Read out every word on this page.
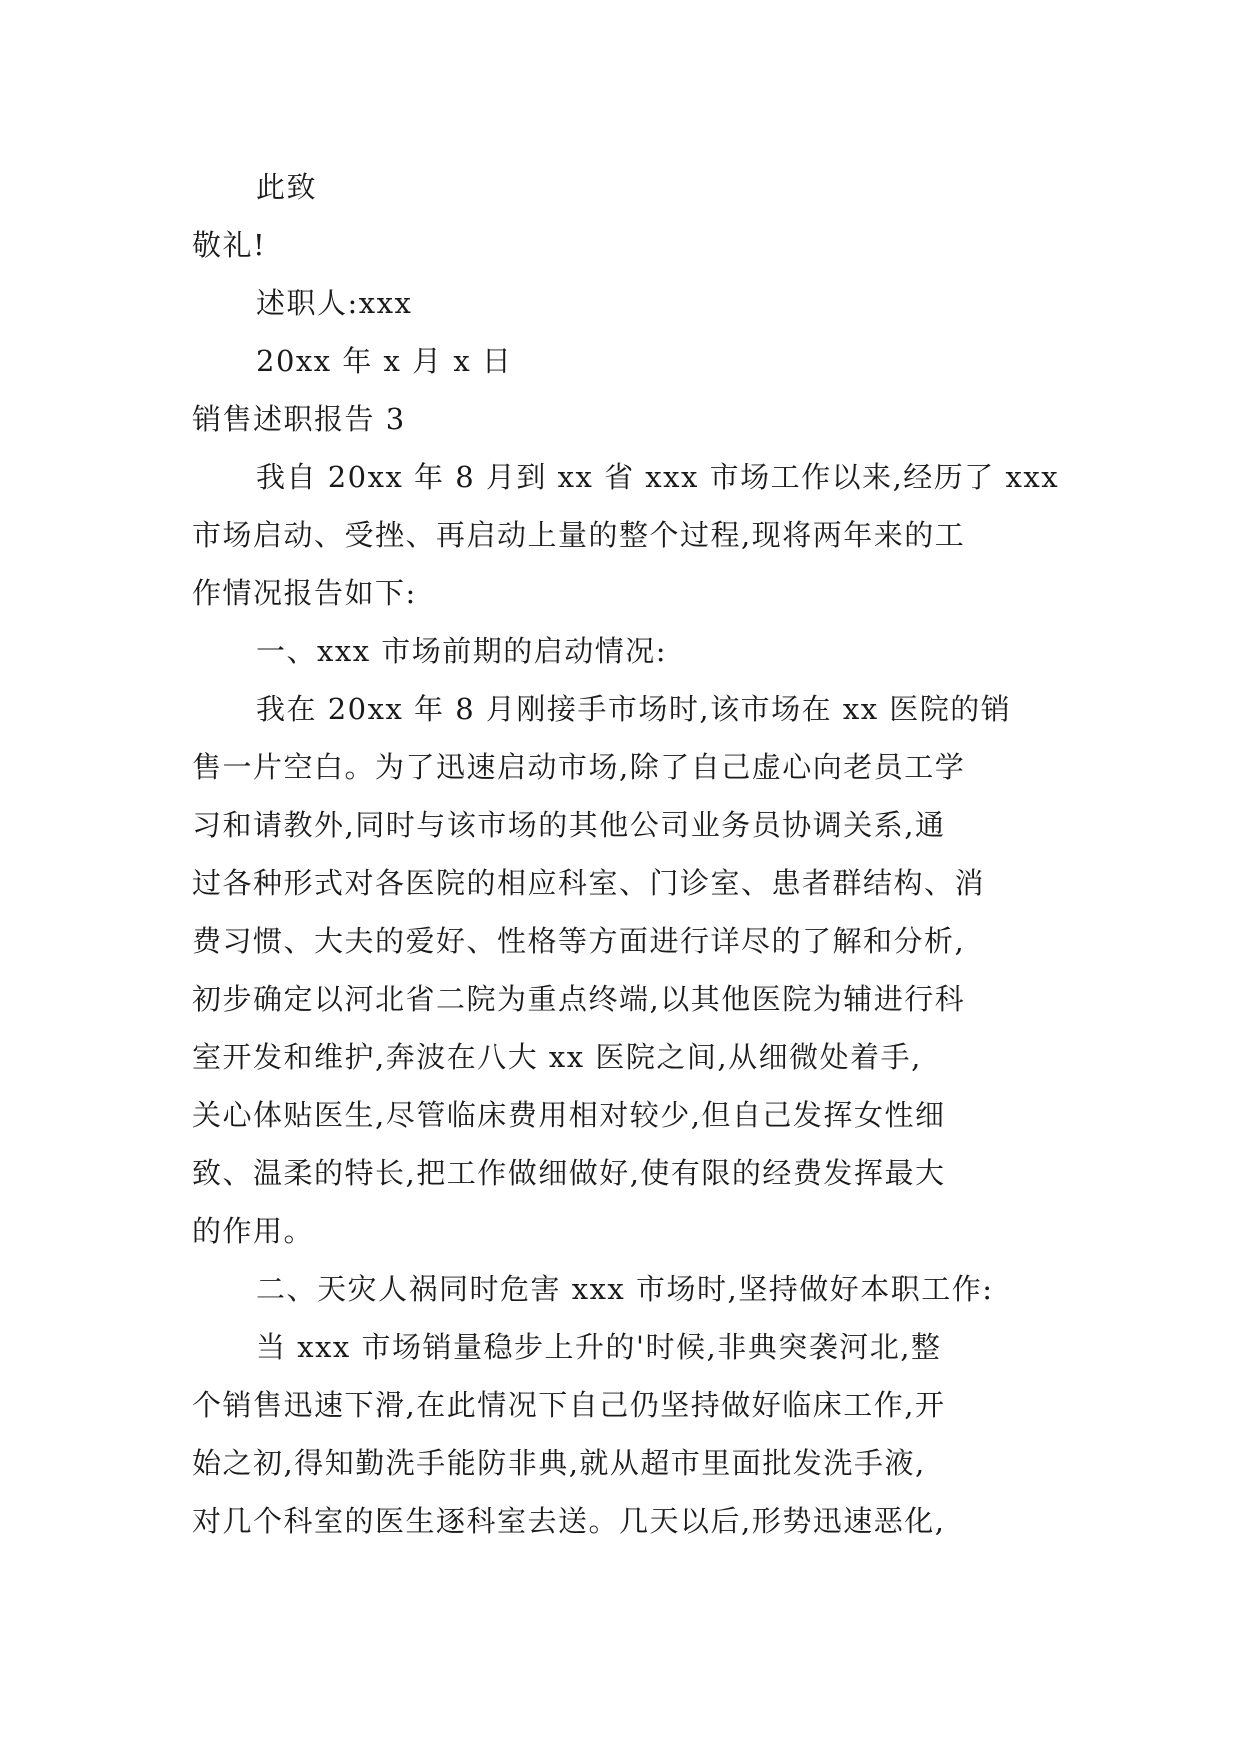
此致
敬礼!
述职人:xxx
20xx 年 x 月 x 日
销售述职报告 3
我自 20xx 年 8 月到 xx 省 xxx 市场工作以来,经历了 xxx
市场启动、受挫、再启动上量的整个过程,现将两年来的工
作情况报告如下:
一、xxx 市场前期的启动情况:
我在 20xx 年 8 月刚接手市场时,该市场在 xx 医院的销
售一片空白。为了迅速启动市场,除了自己虚心向老员工学
习和请教外,同时与该市场的其他公司业务员协调关系,通
过各种形式对各医院的相应科室、门诊室、患者群结构、消
费习惯、大夫的爱好、性格等方面进行详尽的了解和分析,
初步确定以河北省二院为重点终端,以其他医院为辅进行科
室开发和维护,奔波在八大 xx 医院之间,从细微处着手,
关心体贴医生,尽管临床费用相对较少,但自己发挥女性细
致、温柔的特长,把工作做细做好,使有限的经费发挥最大
的作用。
二、天灾人祸同时危害 xxx 市场时,坚持做好本职工作:
当 xxx 市场销量稳步上升的'时候,非典突袭河北,整
个销售迅速下滑,在此情况下自己仍坚持做好临床工作,开
始之初,得知勤洗手能防非典,就从超市里面批发洗手液,
对几个科室的医生逐科室去送。几天以后,形势迅速恶化,
